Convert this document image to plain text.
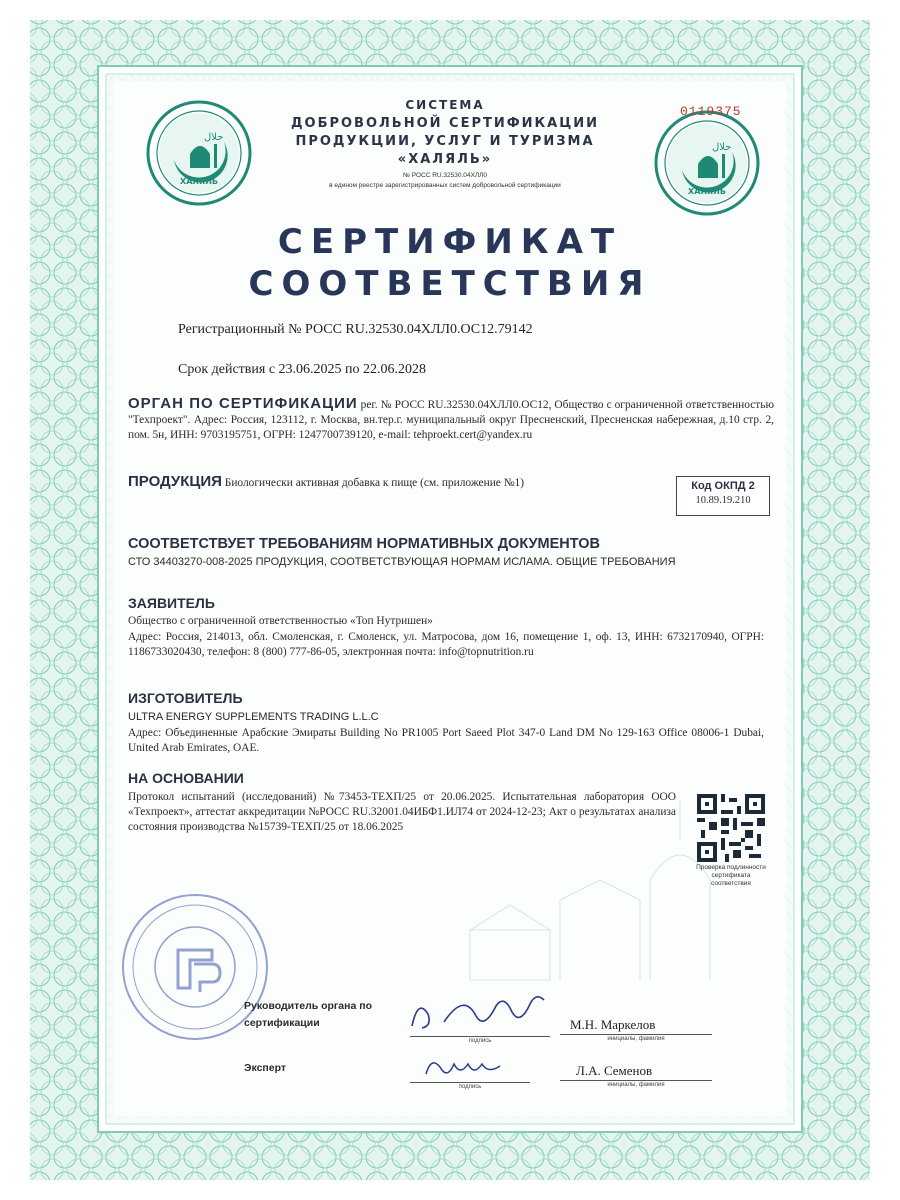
حلال
ХАЛЯЛЬ
حلال
ХАЛЯЛЬ
СИСТЕМА
ДОБРОВОЛЬНОЙ СЕРТИФИКАЦИИ
ПРОДУКЦИИ, УСЛУГ И ТУРИЗМА
«ХАЛЯЛЬ»
№ РОСС RU.32530.04ХЛЛ0
в едином реестре зарегистрированных систем добровольной сертификации
0119375
СЕРТИФИКАТ
СООТВЕТСТВИЯ
Регистрационный № РОСС RU.32530.04ХЛЛ0.ОС12.79142
Срок действия с 23.06.2025 по 22.06.2028
ОРГАН ПО СЕРТИФИКАЦИИ рег. № РОСС RU.32530.04ХЛЛ0.ОС12, Общество с ограниченной ответственностью "Техпроект". Адрес: Россия, 123112, г. Москва, вн.тер.г. муниципальный округ Пресненский, Пресненская набережная, д.10 стр. 2, пом. 5н, ИНН: 9703195751, ОГРН: 1247700739120, e-mail: tehproekt.cert@yandex.ru
ПРОДУКЦИЯ Биологически активная добавка к пище (см. приложение №1)	Код ОКПД 2
10.89.19.210
СООТВЕТСТВУЕТ ТРЕБОВАНИЯМ НОРМАТИВНЫХ ДОКУМЕНТОВ
СТО 34403270-008-2025 ПРОДУКЦИЯ, СООТВЕТСТВУЮЩАЯ НОРМАМ ИСЛАМА. ОБЩИЕ ТРЕБОВАНИЯ
ЗАЯВИТЕЛЬ
Общество с ограниченной ответственностью «Топ Нутришен»
Адрес: Россия, 214013, обл. Смоленская, г. Смоленск, ул. Матросова, дом 16, помещение 1, оф. 13, ИНН: 6732170940, ОГРН: 1186733020430, телефон: 8 (800) 777-86-05, электронная почта: info@topnutrition.ru
ИЗГОТОВИТЕЛЬ
ULTRA ENERGY SUPPLEMENTS TRADING L.L.C
Адрес: Объединенные Арабские Эмираты Building No PR1005 Port Saeed Plot 347-0 Land DM No 129-163 Office 08006-1 Dubai, United Arab Emirates, OAE.
НА ОСНОВАНИИ
Протокол испытаний (исследований) №73453-ТЕХП/25 от 20.06.2025. Испытательная лаборатория ООО «Техпроект», аттестат аккредитации №РОСС RU.32001.04ИБФ1.ИЛ74 от 2024-12-23; Акт о результатах анализа состояния производства №15739-ТЕХП/25 от 18.06.2025
Проверка подлинности сертификата соответствия
Руководитель органа по сертификации
подпись
М.Н. Маркелов
инициалы, фамилия
Эксперт
подпись
Л.А. Семенов
инициалы, фамилия
